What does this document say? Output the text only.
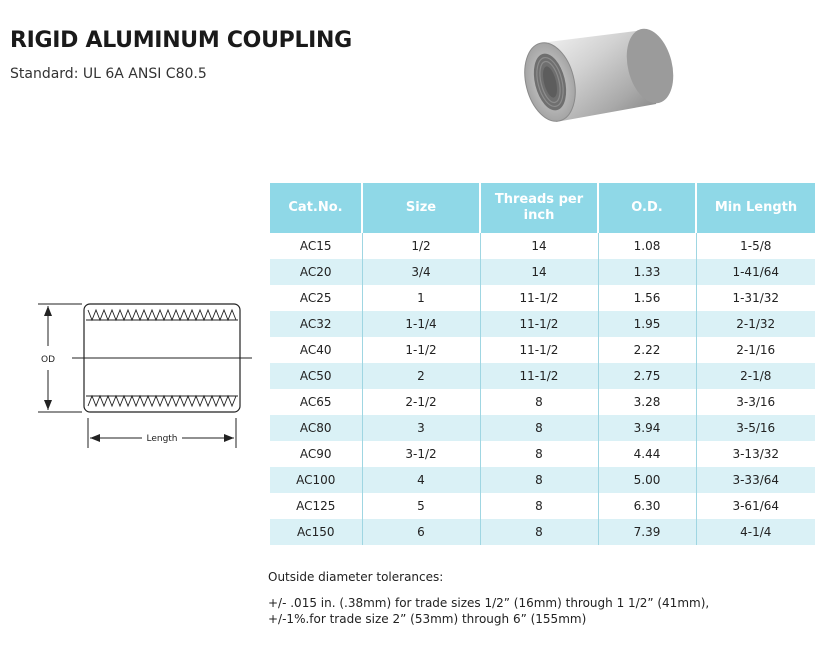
RIGID ALUMINUM COUPLING
Standard: UL 6A ANSI C80.5
OD
Length
Cat.No.	Size	Threads per inch	O.D.	Min Length
AC15	1/2	14	1.08	1-5/8
AC20	3/4	14	1.33	1-41/64
AC25	1	11-1/2	1.56	1-31/32
AC32	1-1/4	11-1/2	1.95	2-1/32
AC40	1-1/2	11-1/2	2.22	2-1/16
AC50	2	11-1/2	2.75	2-1/8
AC65	2-1/2	8	3.28	3-3/16
AC80	3	8	3.94	3-5/16
AC90	3-1/2	8	4.44	3-13/32
AC100	4	8	5.00	3-33/64
AC125	5	8	6.30	3-61/64
Ac150	6	8	7.39	4-1/4
Outside diameter tolerances:
+/- .015 in. (.38mm) for trade sizes 1/2” (16mm) through 1 1/2” (41mm),
+/-1%.for trade size 2” (53mm) through 6” (155mm)
